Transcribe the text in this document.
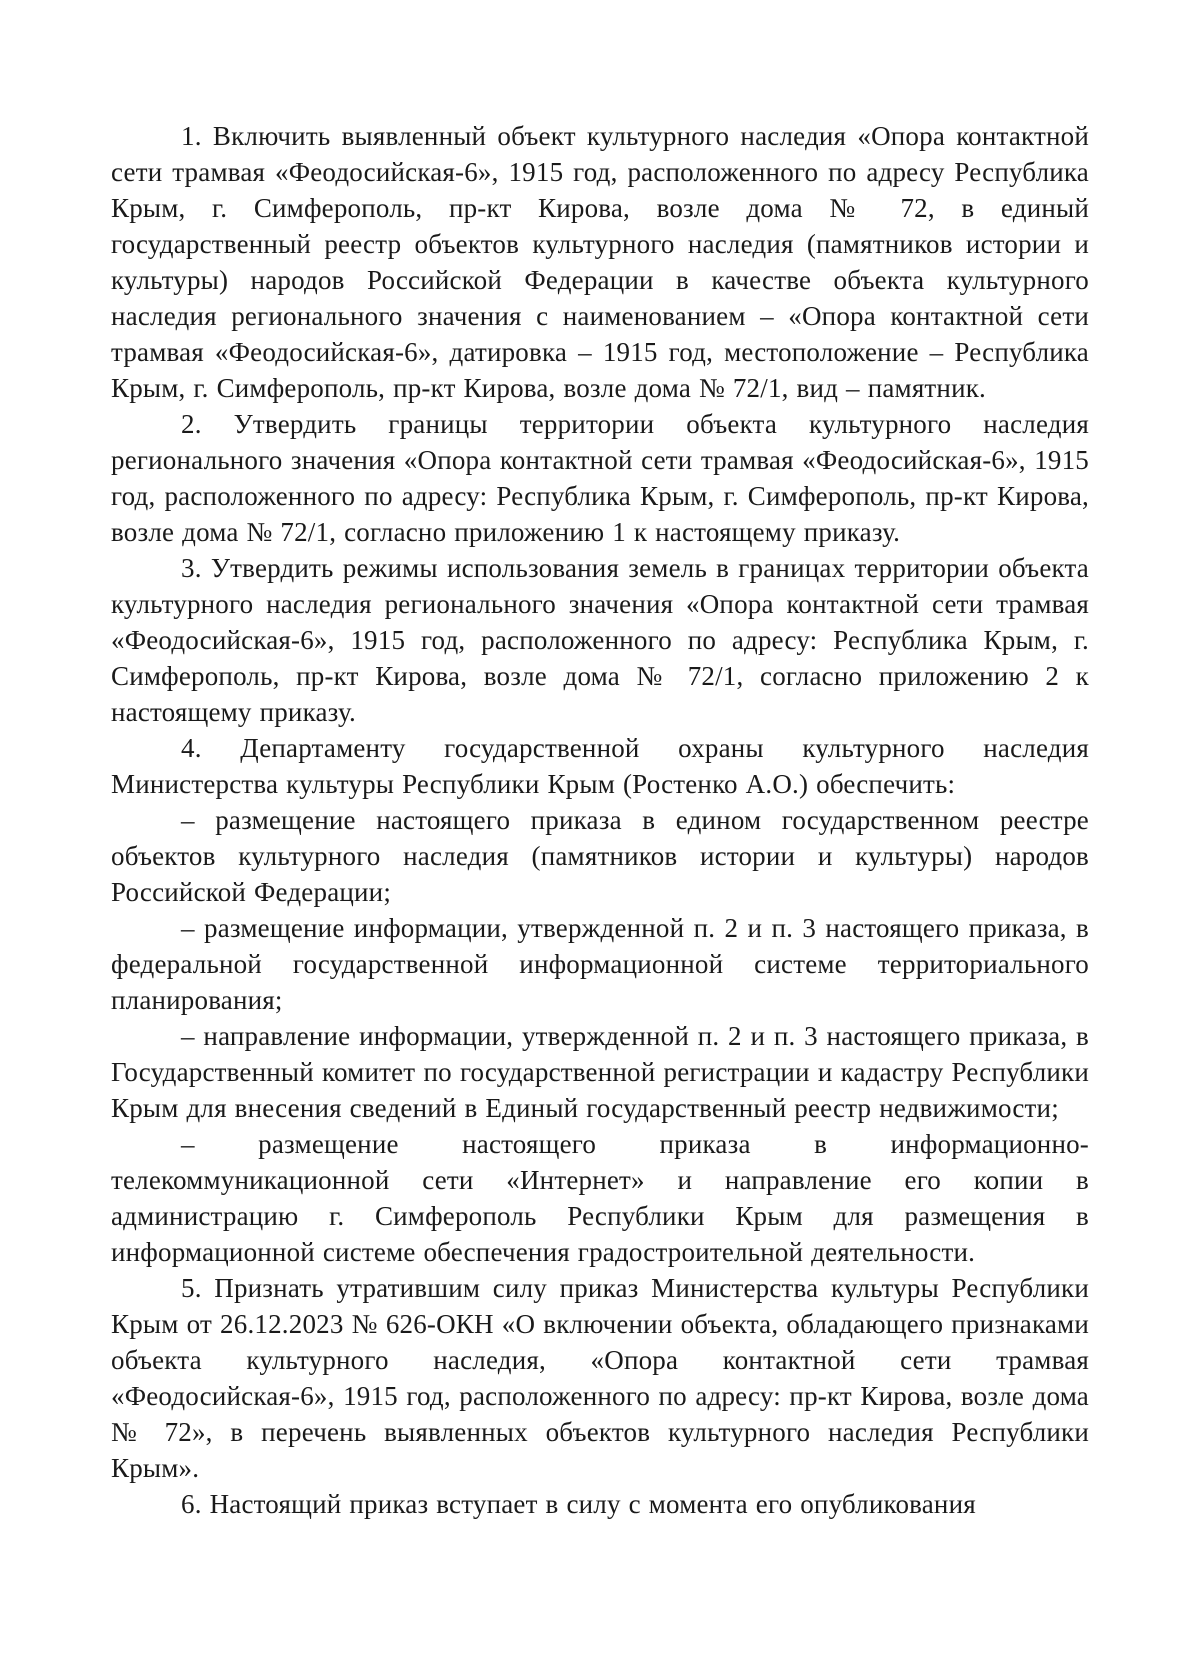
1. Включить выявленный объект культурного наследия «Опора контактной сети трамвая «Феодосийская-6», 1915 год, расположенного по адресу Республика Крым, г. Симферополь, пр-кт Кирова, возле дома № 72, в единый государственный реестр объектов культурного наследия (памятников истории и культуры) народов Российской Федерации в качестве объекта культурного наследия регионального значения с наименованием – «Опора контактной сети трамвая «Феодосийская-6», датировка – 1915 год, местоположение – Республика Крым, г. Симферополь, пр-кт Кирова, возле дома № 72/1, вид – памятник.

2. Утвердить границы территории объекта культурного наследия регионального значения «Опора контактной сети трамвая «Феодосийская-6», 1915 год, расположенного по адресу: Республика Крым, г. Симферополь, пр-кт Кирова, возле дома № 72/1, согласно приложению 1 к настоящему приказу.

3. Утвердить режимы использования земель в границах территории объекта культурного наследия регионального значения «Опора контактной сети трамвая «Феодосийская-6», 1915 год, расположенного по адресу: Республика Крым, г. Симферополь, пр-кт Кирова, возле дома № 72/1, согласно приложению 2 к настоящему приказу.

4. Департаменту государственной охраны культурного наследия Министерства культуры Республики Крым (Ростенко А.О.) обеспечить:

– размещение настоящего приказа в едином государственном реестре объектов культурного наследия (памятников истории и культуры) народов Российской Федерации;

– размещение информации, утвержденной п. 2 и п. 3 настоящего приказа, в федеральной государственной информационной системе территориального планирования;

– направление информации, утвержденной п. 2 и п. 3 настоящего приказа, в Государственный комитет по государственной регистрации и кадастру Республики Крым для внесения сведений в Единый государственный реестр недвижимости;

– размещение настоящего приказа в информационно-телекоммуникационной сети «Интернет» и направление его копии в администрацию г. Симферополь Республики Крым для размещения в информационной системе обеспечения градостроительной деятельности.

5. Признать утратившим силу приказ Министерства культуры Республики Крым от 26.12.2023 № 626-ОКН «О включении объекта, обладающего признаками объекта культурного наследия, «Опора контактной сети трамвая «Феодосийская-6», 1915 год, расположенного по адресу: пр-кт Кирова, возле дома № 72», в перечень выявленных объектов культурного наследия Республики Крым».

6. Настоящий приказ вступает в силу с момента его опубликования
